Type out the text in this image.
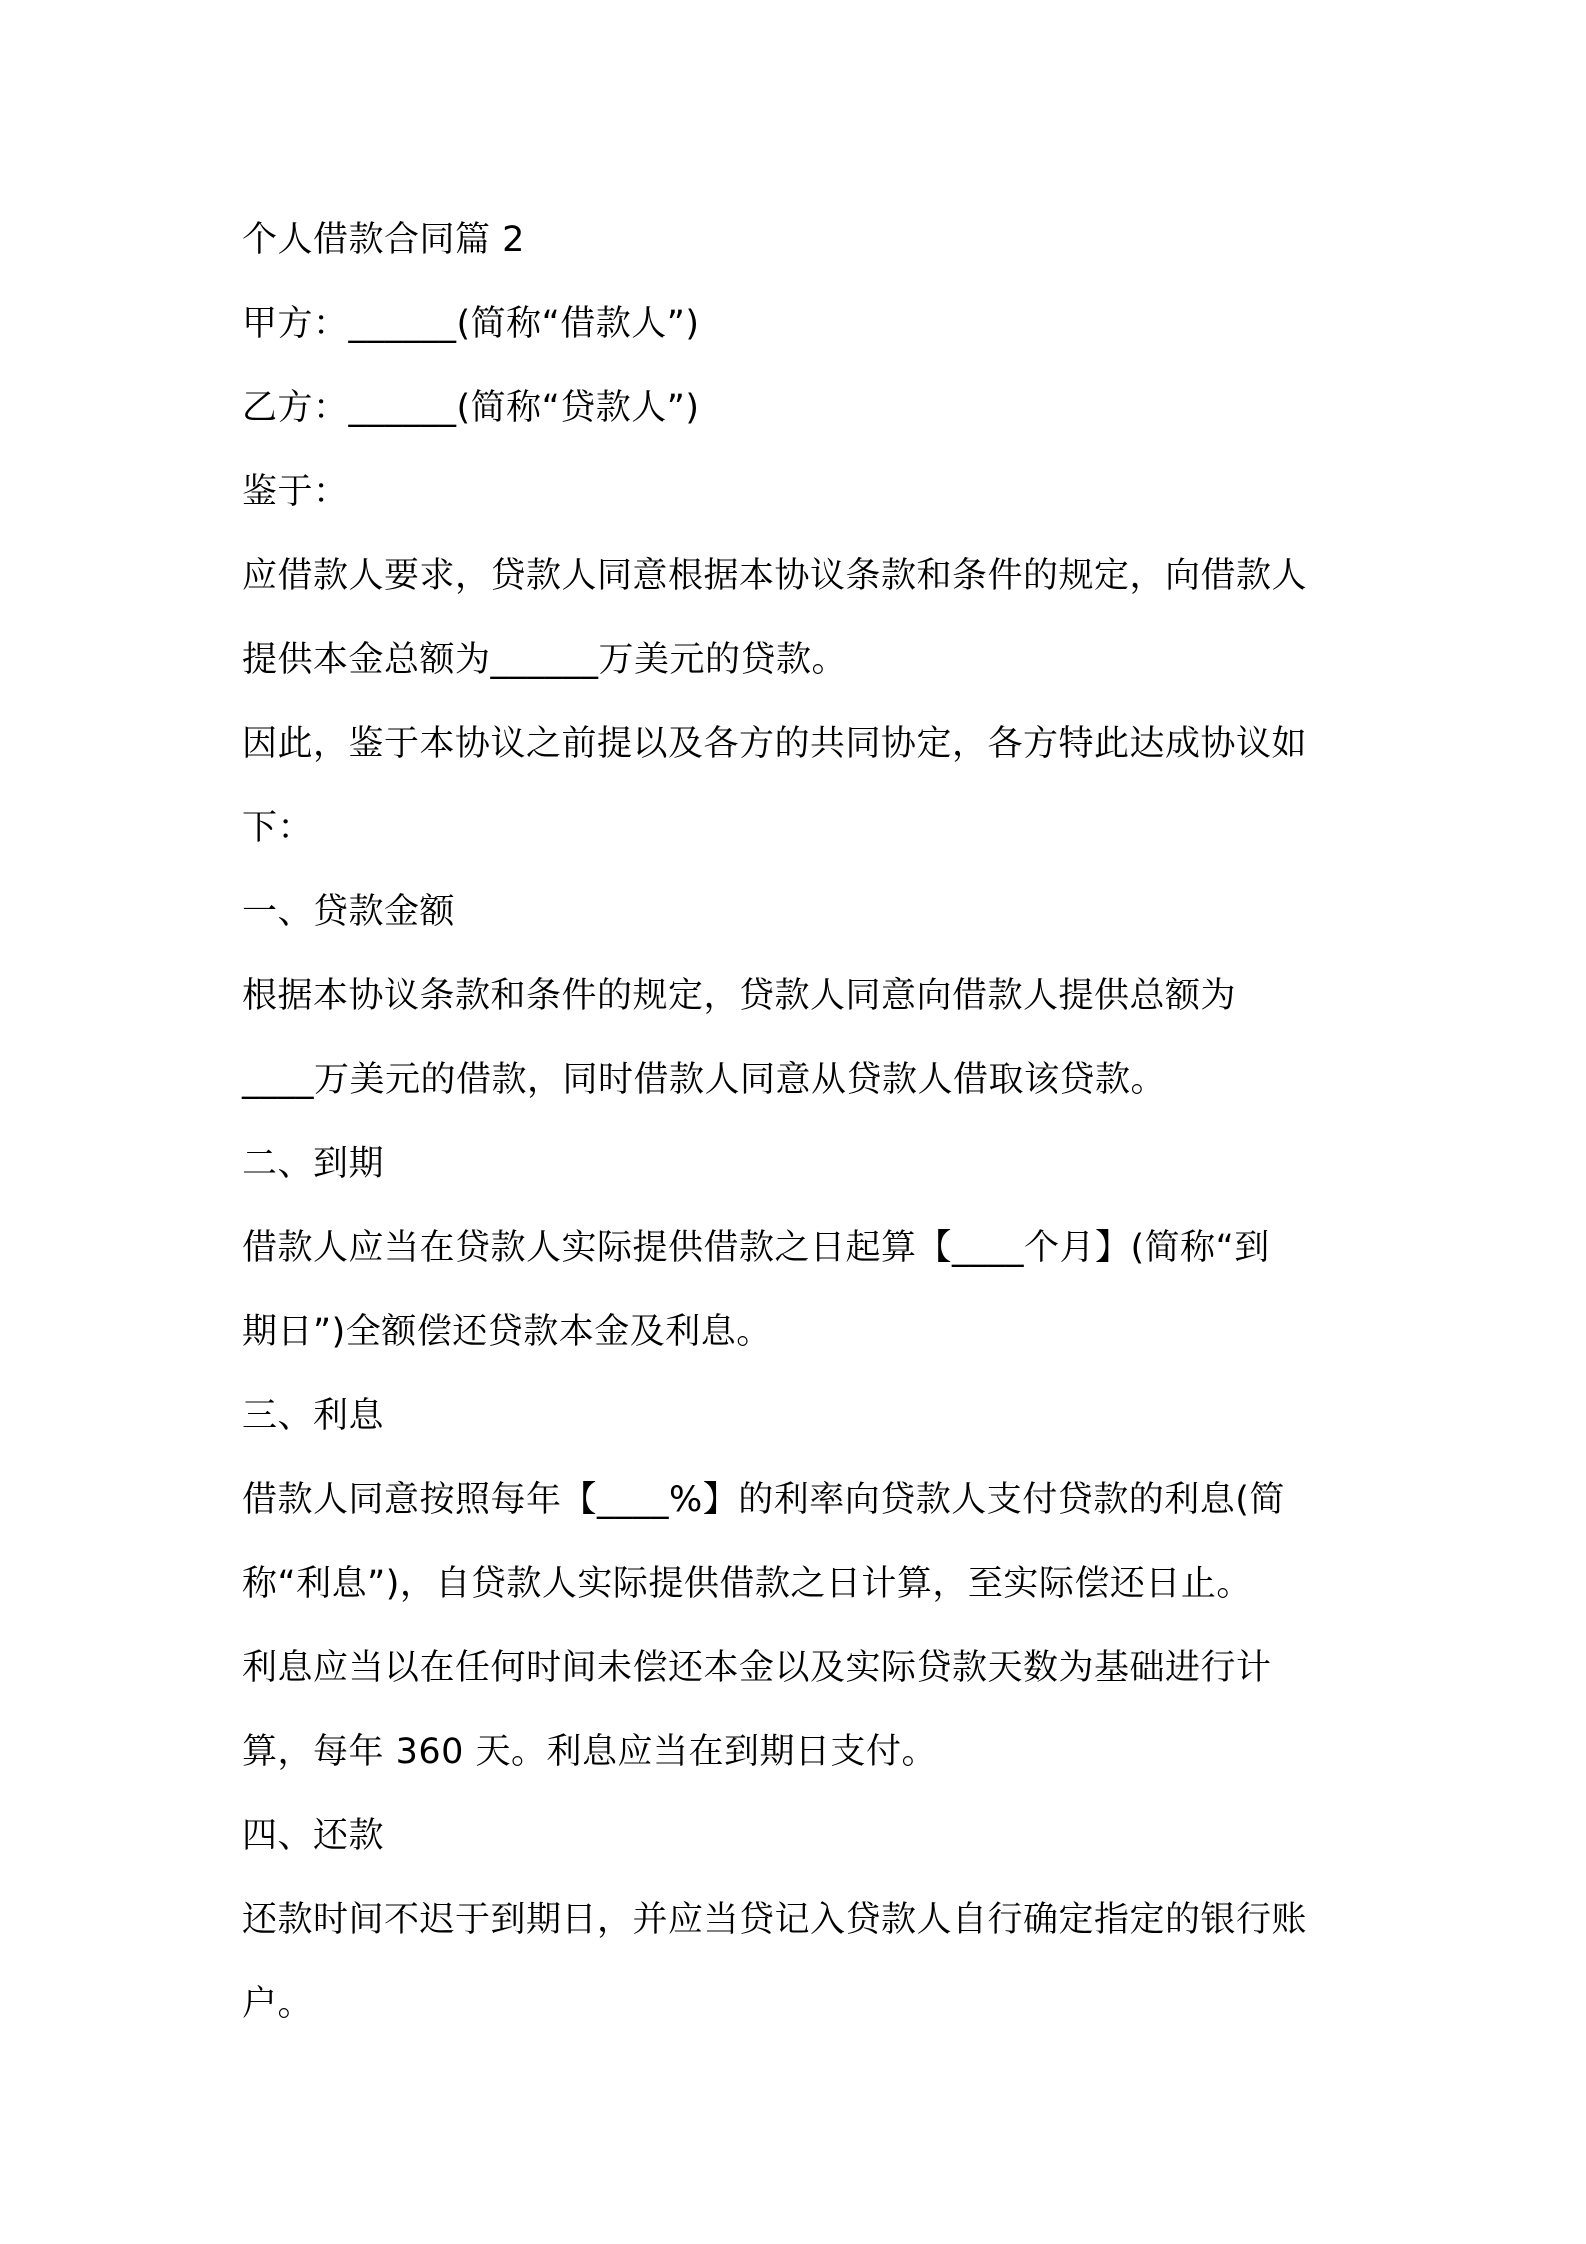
个人借款合同篇 2
甲方：______(简称“借款人”)
乙方：______(简称“贷款人”)
鉴于：
应借款人要求，贷款人同意根据本协议条款和条件的规定，向借款人
提供本金总额为______万美元的贷款。
因此，鉴于本协议之前提以及各方的共同协定，各方特此达成协议如
下：
一、贷款金额
根据本协议条款和条件的规定，贷款人同意向借款人提供总额为
____万美元的借款，同时借款人同意从贷款人借取该贷款。
二、到期
借款人应当在贷款人实际提供借款之日起算【____个月】(简称“到
期日”)全额偿还贷款本金及利息。
三、利息
借款人同意按照每年【____%】的利率向贷款人支付贷款的利息(简
称“利息”)，自贷款人实际提供借款之日计算，至实际偿还日止。
利息应当以在任何时间未偿还本金以及实际贷款天数为基础进行计
算，每年 360 天。利息应当在到期日支付。
四、还款
还款时间不迟于到期日，并应当贷记入贷款人自行确定指定的银行账
户。
